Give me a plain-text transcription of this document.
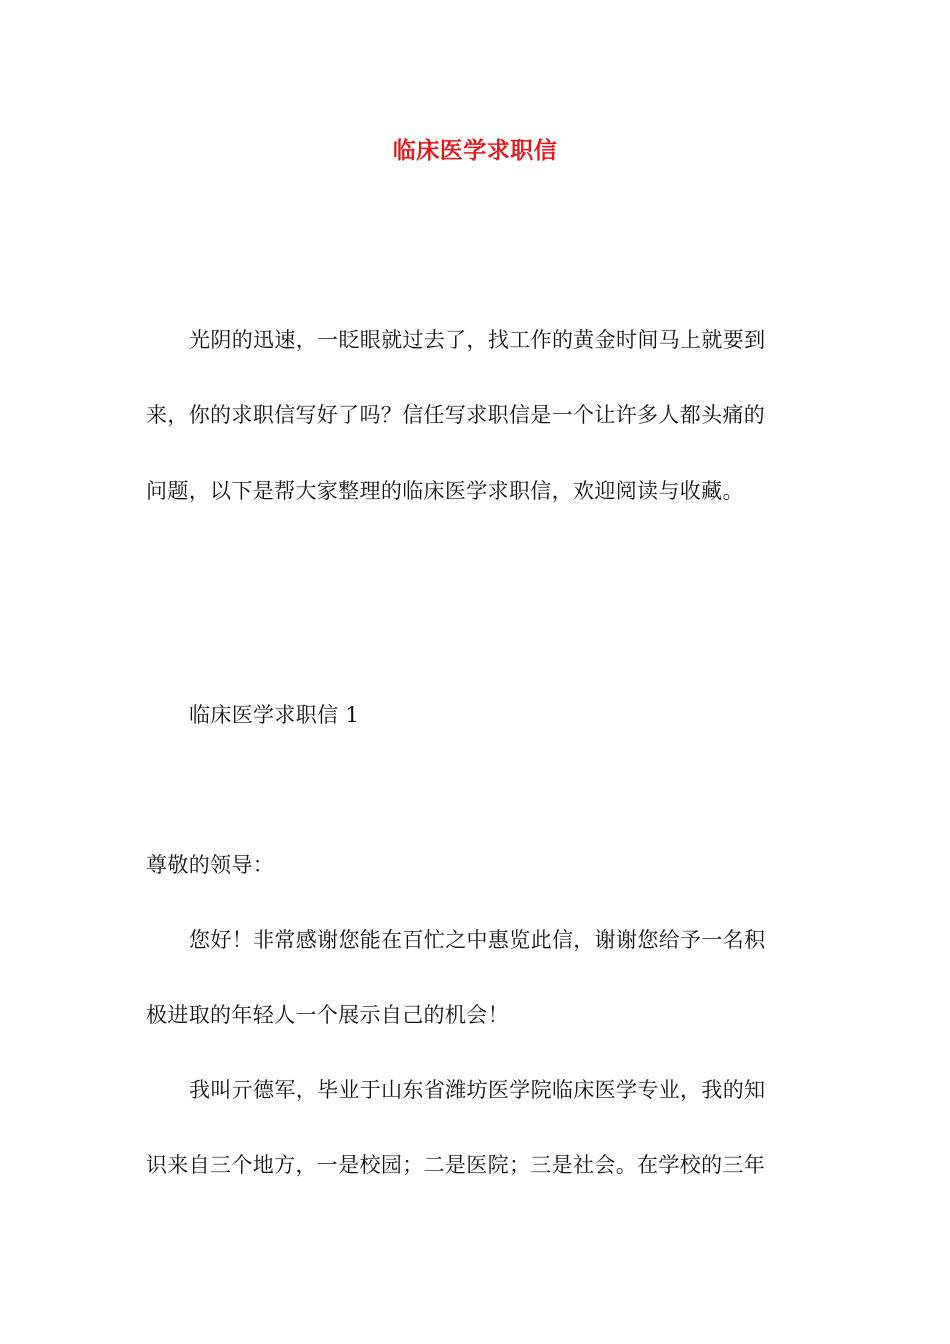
临床医学求职信
光阴的迅速，一眨眼就过去了，找工作的黄金时间马上就要到
来，你的求职信写好了吗？信任写求职信是一个让许多人都头痛的
问题，以下是帮大家整理的临床医学求职信，欢迎阅读与收藏。
临床医学求职信 1
尊敬的领导：
您好！非常感谢您能在百忙之中惠览此信，谢谢您给予一名积
极进取的年轻人一个展示自己的机会！
我叫亓德军，毕业于山东省潍坊医学院临床医学专业，我的知
识来自三个地方，一是校园；二是医院；三是社会。在学校的三年
